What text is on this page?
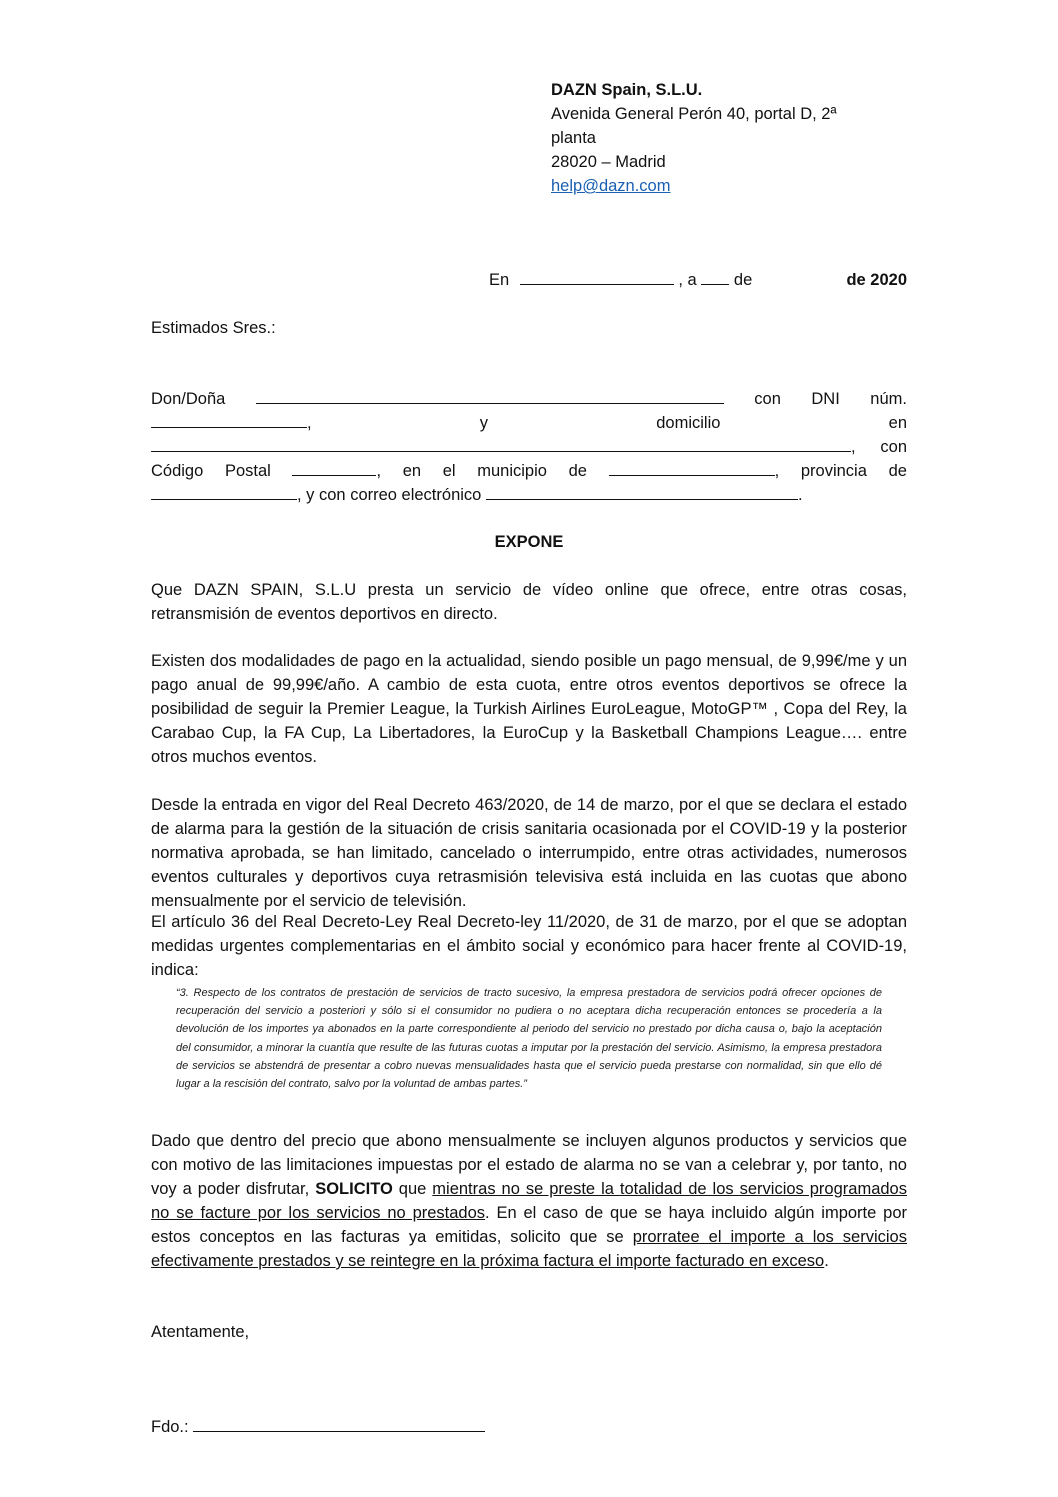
DAZN Spain, S.L.U.
Avenida General Perón 40, portal D, 2ª
planta
28020 – Madrid
help@dazn.com
En	, a de	de 2020
Estimados Sres.:
Don/Doña	con DNI núm.
,	y	domicilio	en
, con
Código Postal	, en el municipio de	, provincia de
, y con correo electrónico	.
EXPONE
Que DAZN SPAIN, S.L.U presta un servicio de vídeo online que ofrece, entre otras cosas, retransmisión de eventos deportivos en directo.
Existen dos modalidades de pago en la actualidad, siendo posible un pago mensual, de 9,99€/me y un pago anual de 99,99€/año. A cambio de esta cuota, entre otros eventos deportivos se ofrece la posibilidad de seguir la Premier League, la Turkish Airlines EuroLeague, MotoGP™ , Copa del Rey, la Carabao Cup, la FA Cup, La Libertadores, la EuroCup y la Basketball Champions League…. entre otros muchos eventos.
Desde la entrada en vigor del Real Decreto 463/2020, de 14 de marzo, por el que se declara el estado de alarma para la gestión de la situación de crisis sanitaria ocasionada por el COVID-19 y la posterior normativa aprobada, se han limitado, cancelado o interrumpido, entre otras actividades, numerosos eventos culturales y deportivos cuya retrasmisión televisiva está incluida en las cuotas que abono mensualmente por el servicio de televisión.
El artículo 36 del Real Decreto-Ley Real Decreto-ley 11/2020, de 31 de marzo, por el que se adoptan medidas urgentes complementarias en el ámbito social y económico para hacer frente al COVID-19, indica:
“3. Respecto de los contratos de prestación de servicios de tracto sucesivo, la empresa prestadora de servicios podrá ofrecer opciones de recuperación del servicio a posteriori y sólo si el consumidor no pudiera o no aceptara dicha recuperación entonces se procedería a la devolución de los importes ya abonados en la parte correspondiente al periodo del servicio no prestado por dicha causa o, bajo la aceptación del consumidor, a minorar la cuantía que resulte de las futuras cuotas a imputar por la prestación del servicio. Asimismo, la empresa prestadora de servicios se abstendrá de presentar a cobro nuevas mensualidades hasta que el servicio pueda prestarse con normalidad, sin que ello dé lugar a la rescisión del contrato, salvo por la voluntad de ambas partes.”
Dado que dentro del precio que abono mensualmente se incluyen algunos productos y servicios que con motivo de las limitaciones impuestas por el estado de alarma no se van a celebrar y, por tanto, no voy a poder disfrutar, SOLICITO que mientras no se preste la totalidad de los servicios programados no se facture por los servicios no prestados. En el caso de que se haya incluido algún importe por estos conceptos en las facturas ya emitidas, solicito que se prorratee el importe a los servicios efectivamente prestados y se reintegre en la próxima factura el importe facturado en exceso.
Atentamente,
Fdo.:
